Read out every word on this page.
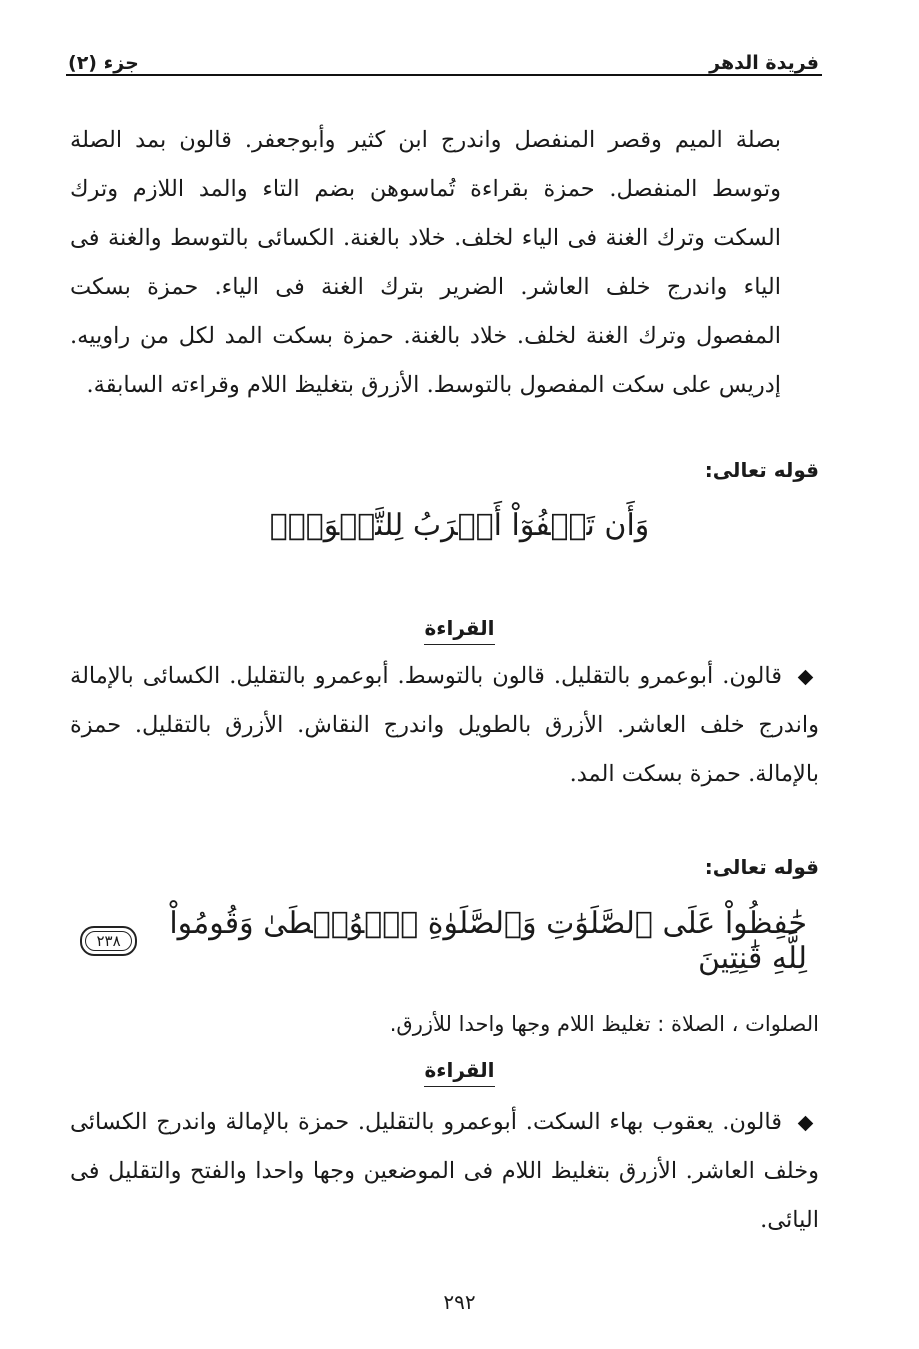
فريدة الدهر
جزء (٢)
بصلة الميم وقصر المنفصل واندرج ابن كثير وأبوجعفر. قالون بمد الصلة وتوسط المنفصل. حمزة بقراءة تُماسوهن بضم التاء والمد اللازم وترك السكت وترك الغنة فى الياء لخلف. خلاد بالغنة. الكسائى بالتوسط والغنة فى الياء واندرج خلف العاشر. الضرير بترك الغنة فى الياء. حمزة بسكت المفصول وترك الغنة لخلف. خلاد بالغنة. حمزة بسكت المد لكل من راوييه. إدريس على سكت المفصول بالتوسط. الأزرق بتغليظ اللام وقراءته السابقة.
قوله تعالى:
وَأَن تَعۡفُوٓاْ أَقۡرَبُ لِلتَّقۡوَىٰۚ
القراءة
قالون. أبوعمرو بالتقليل. قالون بالتوسط. أبوعمرو بالتقليل. الكسائى بالإمالة واندرج خلف العاشر. الأزرق بالطويل واندرج النقاش. الأزرق بالتقليل. حمزة بالإمالة. حمزة بسكت المد.
قوله تعالى:
حَٰفِظُواْ عَلَى ٱلصَّلَوَٰتِ وَٱلصَّلَوٰةِ ٱلۡوُسۡطَىٰ وَقُومُواْ لِلَّهِ قَٰنِتِينَ
٢٣٨
الصلوات ، الصلاة : تغليظ اللام وجها واحدا للأزرق.
القراءة
قالون. يعقوب بهاء السكت. أبوعمرو بالتقليل. حمزة بالإمالة واندرج الكسائى وخلف العاشر. الأزرق بتغليظ اللام فى الموضعين وجها واحدا والفتح والتقليل فى اليائى.
٢٩٢
